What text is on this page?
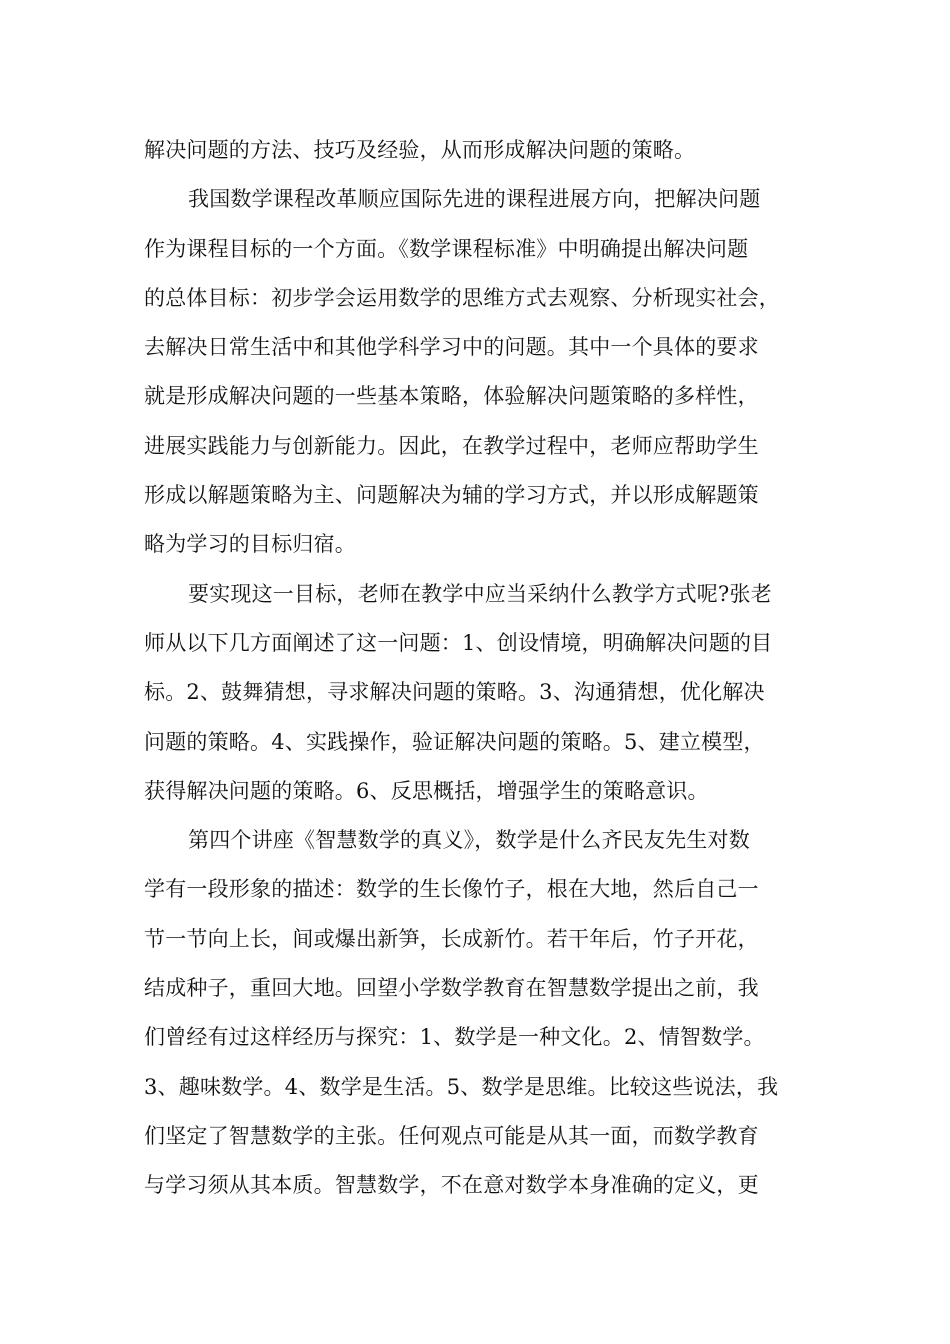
解决问题的方法、技巧及经验，从而形成解决问题的策略。
我国数学课程改革顺应国际先进的课程进展方向，把解决问题
作为课程目标的一个方面。《数学课程标准》中明确提出解决问题
的总体目标：初步学会运用数学的思维方式去观察、分析现实社会，
去解决日常生活中和其他学科学习中的问题。其中一个具体的要求
就是形成解决问题的一些基本策略，体验解决问题策略的多样性，
进展实践能力与创新能力。因此，在教学过程中，老师应帮助学生
形成以解题策略为主、问题解决为辅的学习方式，并以形成解题策
略为学习的目标归宿。
要实现这一目标，老师在教学中应当采纳什么教学方式呢?张老
师从以下几方面阐述了这一问题：1、创设情境，明确解决问题的目
标。2、鼓舞猜想，寻求解决问题的策略。3、沟通猜想，优化解决
问题的策略。4、实践操作，验证解决问题的策略。5、建立模型，
获得解决问题的策略。6、反思概括，增强学生的策略意识。
第四个讲座《智慧数学的真义》，数学是什么齐民友先生对数
学有一段形象的描述：数学的生长像竹子，根在大地，然后自己一
节一节向上长，间或爆出新笋，长成新竹。若干年后，竹子开花，
结成种子，重回大地。回望小学数学教育在智慧数学提出之前，我
们曾经有过这样经历与探究：1、数学是一种文化。2、情智数学。
3、趣味数学。4、数学是生活。5、数学是思维。比较这些说法，我
们坚定了智慧数学的主张。任何观点可能是从其一面，而数学教育
与学习须从其本质。智慧数学，不在意对数学本身准确的定义，更
